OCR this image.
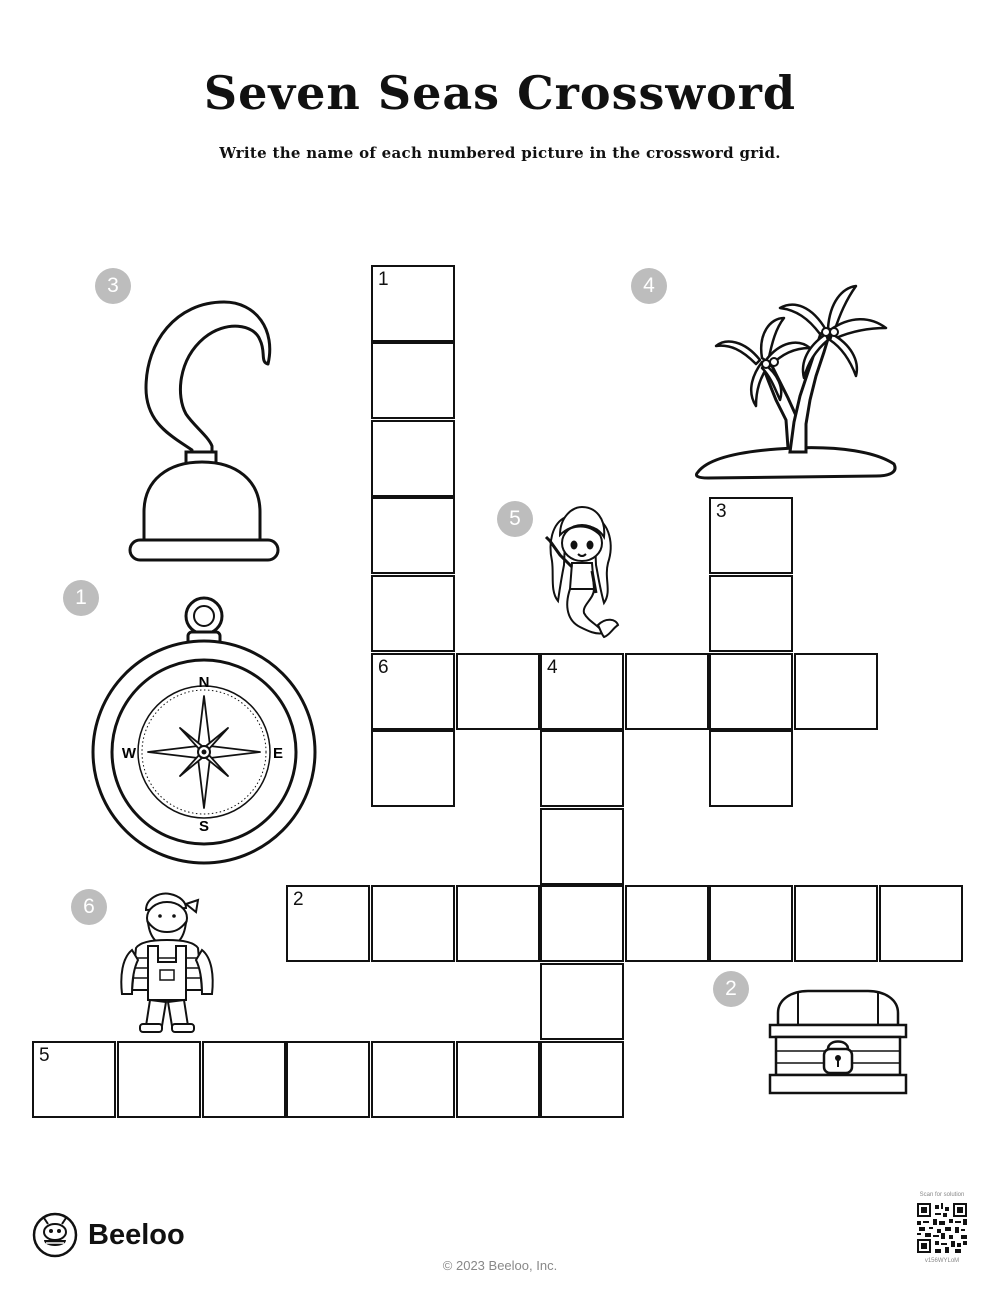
Seven Seas Crossword
Write the name of each numbered picture in the crossword grid.
3	4
5
1
6
2
N
S
W	E
1
6	4
3
2
5
Beeloo
© 2023 Beeloo, Inc.
Scan for solution
v156WYLoM
